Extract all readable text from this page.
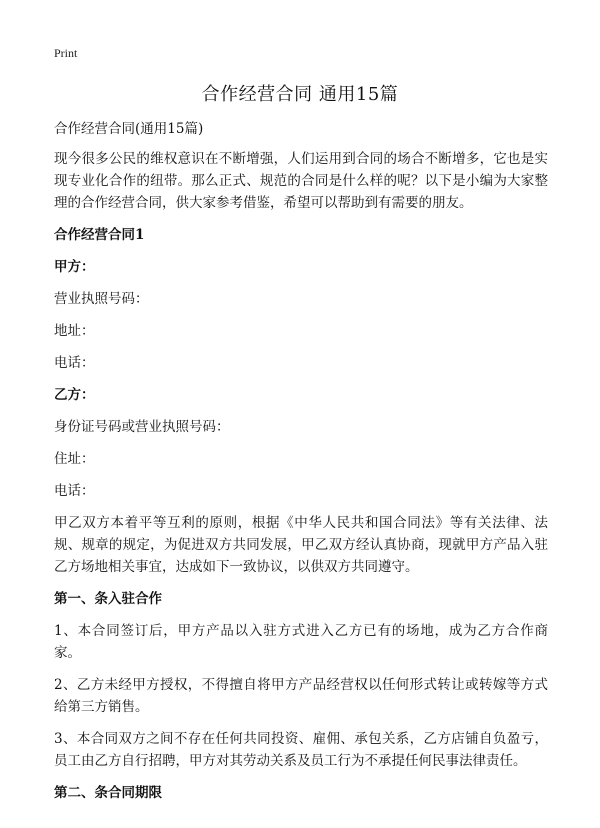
Print
合作经营合同 通用15篇

合作经营合同(通用15篇)

现今很多公民的维权意识在不断增强，人们运用到合同的场合不断增多，它也是实现专业化合作的纽带。那么正式、规范的合同是什么样的呢？以下是小编为大家整理的合作经营合同，供大家参考借鉴，希望可以帮助到有需要的朋友。

合作经营合同1

甲方：

营业执照号码：

地址：

电话：

乙方：

身份证号码或营业执照号码：

住址：

电话：

甲乙双方本着平等互利的原则，根据《中华人民共和国合同法》等有关法律、法规、规章的规定，为促进双方共同发展，甲乙双方经认真协商，现就甲方产品入驻乙方场地相关事宜，达成如下一致协议，以供双方共同遵守。

第一、条入驻合作

1、本合同签订后，甲方产品以入驻方式进入乙方已有的场地，成为乙方合作商家。

2、乙方未经甲方授权，不得擅自将甲方产品经营权以任何形式转让或转嫁等方式给第三方销售。

3、本合同双方之间不存在任何共同投资、雇佣、承包关系，乙方店铺自负盈亏，员工由乙方自行招聘，甲方对其劳动关系及员工行为不承提任何民事法律责任。

第二、条合同期限
